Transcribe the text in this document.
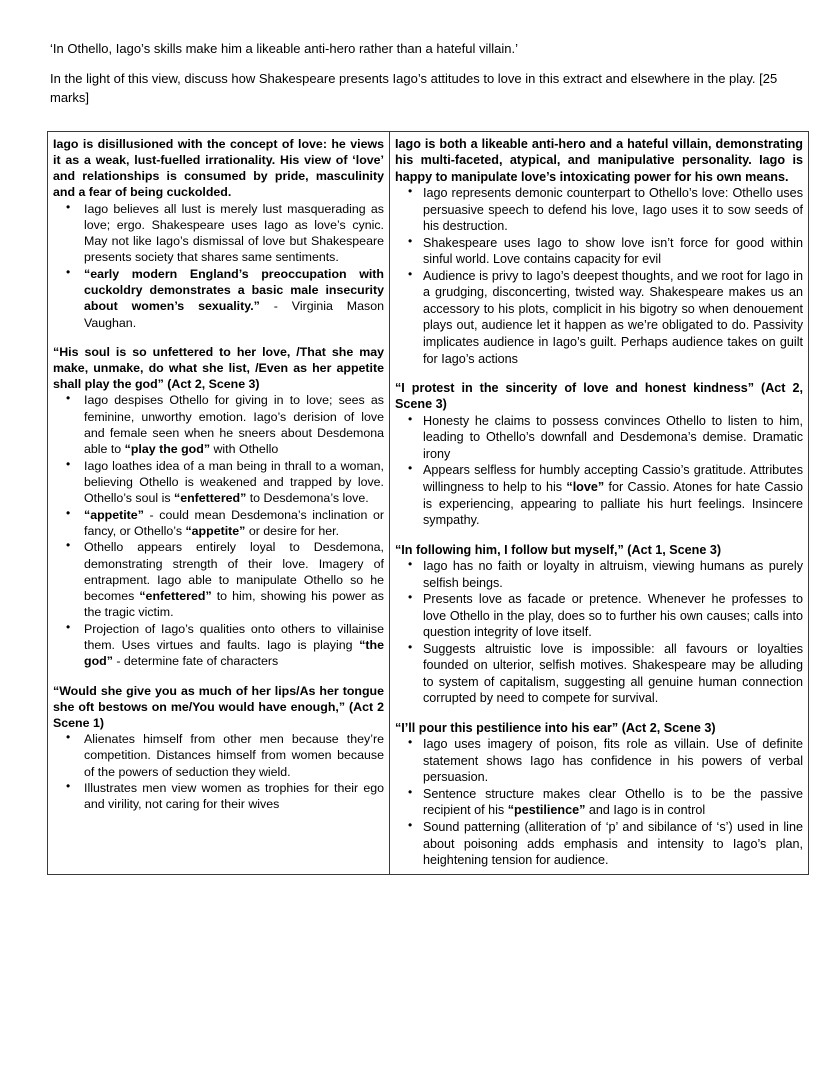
‘In Othello, Iago’s skills make him a likeable anti-hero rather than a hateful villain.’

In the light of this view, discuss how Shakespeare presents Iago’s attitudes to love in this extract and elsewhere in the play. [25 marks]

Iago is disillusioned with the concept of love: he views it as a weak, lust-fuelled irrationality. His view of ‘love’ and relationships is consumed by pride, masculinity and a fear of being cuckolded.

• Iago believes all lust is merely lust masquerading as love; ergo. Shakespeare uses Iago as love’s cynic. May not like Iago’s dismissal of love but Shakespeare presents society that shares same sentiments.
• “early modern England’s preoccupation with cuckoldry demonstrates a basic male insecurity about women’s sexuality.” - Virginia Mason Vaughan.

“His soul is so unfettered to her love, /That she may make, unmake, do what she list, /Even as her appetite shall play the god” (Act 2, Scene 3)

• Iago despises Othello for giving in to love; sees as feminine, unworthy emotion. Iago’s derision of love and female seen when he sneers about Desdemona able to “play the god” with Othello
• Iago loathes idea of a man being in thrall to a woman, believing Othello is weakened and trapped by love. Othello’s soul is “enfettered” to Desdemona’s love.
• “appetite” - could mean Desdemona’s inclination or fancy, or Othello’s “appetite” or desire for her.
• Othello appears entirely loyal to Desdemona, demonstrating strength of their love. Imagery of entrapment. Iago able to manipulate Othello so he becomes “enfettered” to him, showing his power as the tragic victim.
• Projection of Iago’s qualities onto others to villainise them. Uses virtues and faults. Iago is playing “the god” - determine fate of characters

“Would she give you as much of her lips/As her tongue she oft bestows on me/You would have enough,” (Act 2 Scene 1)

• Alienates himself from other men because they’re competition. Distances himself from women because of the powers of seduction they wield.
• Illustrates men view women as trophies for their ego and virility, not caring for their wives

Iago is both a likeable anti-hero and a hateful villain, demonstrating his multi-faceted, atypical, and manipulative personality. Iago is happy to manipulate love’s intoxicating power for his own means.

• Iago represents demonic counterpart to Othello’s love: Othello uses persuasive speech to defend his love, Iago uses it to sow seeds of his destruction.
• Shakespeare uses Iago to show love isn’t force for good within sinful world. Love contains capacity for evil
• Audience is privy to Iago’s deepest thoughts, and we root for Iago in a grudging, disconcerting, twisted way. Shakespeare makes us an accessory to his plots, complicit in his bigotry so when denouement plays out, audience let it happen as we’re obligated to do. Passivity implicates audience in Iago’s guilt. Perhaps audience takes on guilt for Iago’s actions

“I protest in the sincerity of love and honest kindness” (Act 2, Scene 3)

• Honesty he claims to possess convinces Othello to listen to him, leading to Othello’s downfall and Desdemona’s demise. Dramatic irony
• Appears selfless for humbly accepting Cassio’s gratitude. Attributes willingness to help to his “love” for Cassio. Atones for hate Cassio is experiencing, appearing to palliate his hurt feelings. Insincere sympathy.

“In following him, I follow but myself,” (Act 1, Scene 3)

• Iago has no faith or loyalty in altruism, viewing humans as purely selfish beings.
• Presents love as facade or pretence. Whenever he professes to love Othello in the play, does so to further his own causes; calls into question integrity of love itself.
• Suggests altruistic love is impossible: all favours or loyalties founded on ulterior, selfish motives. Shakespeare may be alluding to system of capitalism, suggesting all genuine human connection corrupted by need to compete for survival.

“I’ll pour this pestilience into his ear” (Act 2, Scene 3)

• Iago uses imagery of poison, fits role as villain. Use of definite statement shows Iago has confidence in his powers of verbal persuasion.
• Sentence structure makes clear Othello is to be the passive recipient of his “pestilience” and Iago is in control
• Sound patterning (alliteration of ‘p’ and sibilance of ‘s’) used in line about poisoning adds emphasis and intensity to Iago’s plan, heightening tension for audience.
